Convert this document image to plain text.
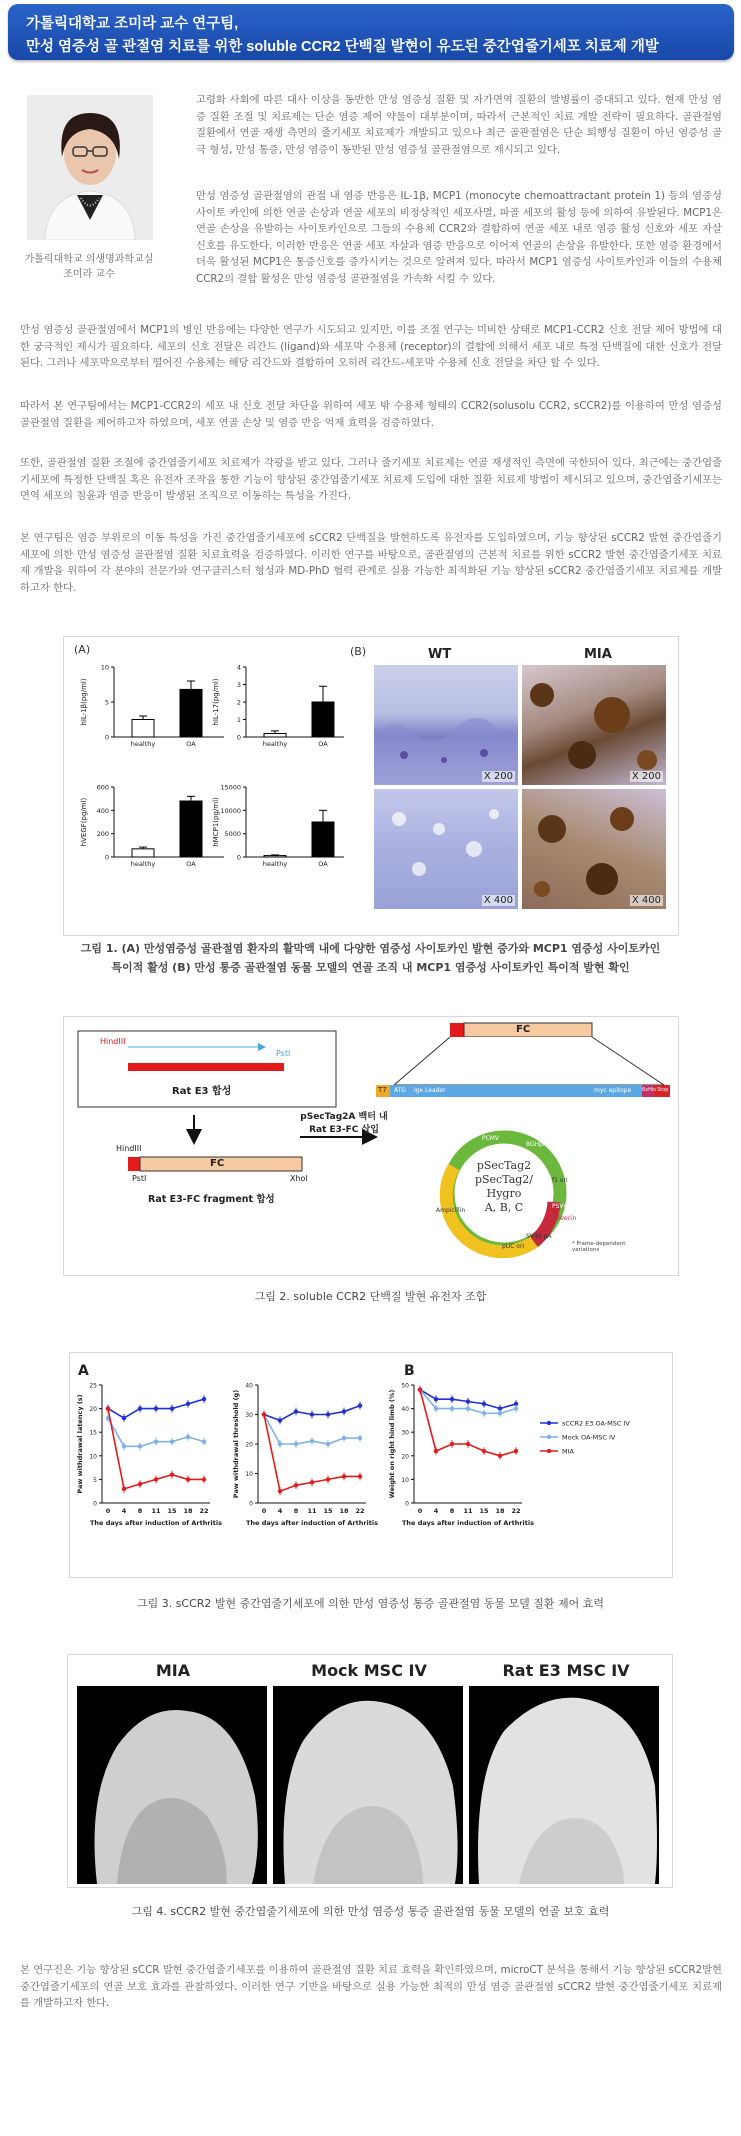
가톨릭대학교 조미라 교수 연구팀,
만성 염증성 골 관절염 치료를 위한 soluble CCR2 단백질 발현이 유도된 중간엽줄기세포 치료제 개발
가톨릭대학교 의생명과학교실
조미라 교수

고령화 사회에 따른 대사 이상을 동반한 만성 염증성 질환 및 자가면역 질환의 발병률이 증대되고 있다. 현재 만성 염증 질환 조절 및 치료제는 단순 염증 제어 약물이 대부분이며, 따라서 근본적인 치료 개발 전략이 필요하다. 골관절염 질환에서 연골 재생 측면의 줄기세포 치료제가 개발되고 있으나 최근 골관절염은 단순 퇴행성 질환이 아닌 염증성 골극 형성, 만성 통증, 만성 염증이 동반된 만성 염증성 골관절염으로 제시되고 있다.

만성 염증성 골관절염의 관절 내 염증 반응은 IL-1β, MCP1 (monocyte chemoattractant protein 1) 등의 염증성 사이토 카인에 의한 연골 손상과 연골 세포의 비정상적인 세포사멸, 파골 세포의 활성 등에 의하여 유발된다. MCP1은 연골 손상을 유발하는 사이토카인으로 그들의 수용체 CCR2와 결합하여 연골 세포 내로 염증 활성 신호와 세포 자살 신호를 유도한다. 이러한 반응은 연골 세포 자살과 염증 반응으로 이어져 연골의 손상을 유발한다. 또한 염증 환경에서 더욱 활성된 MCP1은 통증신호를 증가시키는 것으로 알려져 있다. 따라서 MCP1 염증성 사이토카인과 이들의 수용체 CCR2의 결합 활성은 만성 염증성 골관절염을 가속화 시킬 수 있다.

만성 염증성 골관절염에서 MCP1의 병인 반응에는 다양한 연구가 시도되고 있지만, 이를 조절 연구는 미비한 상태로 MCP1-CCR2 신호 전달 제어 방법에 대한 궁극적인 제시가 필요하다. 세포의 신호 전달은 리간드 (ligand)와 세포막 수용체 (receptor)의 결합에 의해서 세포 내로 특정 단백질에 대한 신호가 전달된다. 그러나 세포막으로부터 떨어진 수용체는 해당 리간드와 결합하여 오히려 리간드-세포막 수용체 신호 전달을 차단 할 수 있다.

따라서 본 연구팀에서는 MCP1-CCR2의 세포 내 신호 전달 차단을 위하여 세포 밖 수용체 형태의 CCR2(solusolu CCR2, sCCR2)를 이용하여 만성 염증성 골관절염 질환을 제어하고자 하였으며, 세포 연골 손상 및 염증 반응 억제 효력을 검증하였다.

또한, 골관절염 질환 조절에 중간엽줄기세포 치료제가 각광을 받고 있다. 그러나 줄기세포 치료제는 연골 재생적인 측면에 국한되어 있다. 최근에는 중간엽줄기세포에 특정한 단백질 혹은 유전자 조작을 통한 기능이 향상된 중간엽줄기세포 치료제 도입에 대한 질환 치료제 방법이 제시되고 있으며, 중간엽줄기세포는 면역 세포의 침윤과 염증 반응이 발생된 조직으로 이동하는 특성을 가진다.

본 연구팀은 염증 부위로의 이동 특성을 가진 중간엽줄기세포에 sCCR2 단백질을 발현하도록 유전자를 도입하였으며, 기능 향상된 sCCR2 발현 중간엽줄기세포에 의한 만성 염증성 골관절염 질환 치료효력을 검증하였다. 이러한 연구를 바탕으로, 골관절염의 근본적 치료를 위한 sCCR2 발현 중간엽줄기세포 치료제 개발을 위하여 각 분야의 전문가와 연구클러스터 형성과 MD-PhD 협력 관계로 실용 가능한 최적화된 기능 향상된 sCCR2 중간엽줄기세포 치료제를 개발하고자 한다.

(A)	(B)
0
5
10
hIL-1β(pg/ml)
healthy	OA
0
1
2
3
4
hIL-17(pg/ml)
healthy	OA
0
200
400
600
hVEGF(pg/ml)
healthy	OA
0
5000
10000
15000
hMCP1(pg/ml)
healthy	OA
WT	MIA
X 200	X 200
X 400	X 400
그림 1. (A) 만성염증성 골관절염 환자의 활막액 내에 다양한 염증성 사이토카인 발현 증가와 MCP1 염증성 사이토카인
특이적 활성 (B) 만성 통증 골관절염 동물 모델의 연골 조직 내 MCP1 염증성 사이토카인 특이적 발현 확인
HindIII
PstI
Rat E3 합성
HindIII
PstI
FC
XhoI
Rat E3-FC fragment 합성
pSecTag2A 백터 내
Rat E3-FC 삽입
FC
T7 ATG Igκ Leader	myc epitope 6xHis Stop
pSecTag2
pSecTag2/
Hygro
A, B, C
PCMV
BGHpA
f1 ori
PSV40
Zeocin
pUC ori
SV40 pA
Ampicillin
* Frame-dependent variations
그림 2. soluble CCR2 단백질 발현 유전자 조합
A	B
0
5
10
15
20
25
0 4 8 11 15 18 22
The days after induction of Arthritis
Paw withdrawal latency (s)
0
10
20
30
40
0 4 8 11 15 18 22
The days after induction of Arthritis
Paw withdrawal threshold (g)
0
10
20
30
40
50
0 4 8 11 15 18 22
The days after induction of Arthritis
Weight on right hind limb (%)	sCCR2 E3 OA-MSC IV
Mock OA-MSC IV
MIA
그림 3. sCCR2 발현 중간엽줄기세포에 의한 만성 염증성 통증 골관절염 동물 모델 질환 제어 효력
MIA	Mock MSC IV	Rat E3 MSC IV
그림 4. sCCR2 발현 중간엽줄기세포에 의한 만성 염증성 통증 골관절염 동물 모델의 연골 보호 효력

본 연구진은 기능 향상된 sCCR 발현 중간엽줄기세포를 이용하여 골관절염 질환 치료 효력을 확인하였으며, microCT 분석을 통해서 기능 향상된 sCCR2발현 중간엽줄기세포의 연골 보호 효과를 관찰하였다. 이러한 연구 기반을 바탕으로 실용 가능한 최적의 만성 염증 골관절염 sCCR2 발현 중간엽줄기세포 치료제를 개발하고자 한다.
